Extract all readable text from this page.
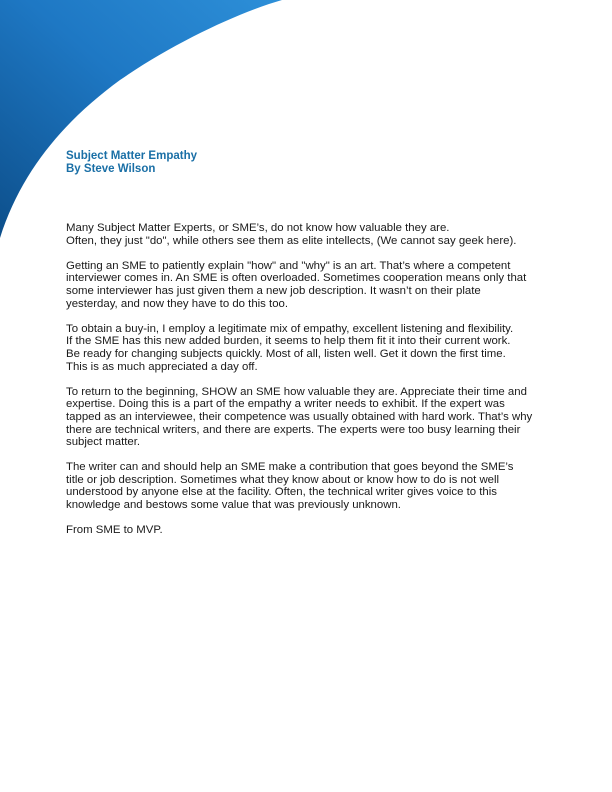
Subject Matter Empathy
By Steve Wilson
Many Subject Matter Experts, or SME’s, do not know how valuable they are.
Often, they just "do", while others see them as elite intellects, (We cannot say geek here).
Getting an SME to patiently explain "how" and "why" is an art. That’s where a competent
interviewer comes in. An SME is often overloaded. Sometimes cooperation means only that
some interviewer has just given them a new job description. It wasn’t on their plate
yesterday, and now they have to do this too.
To obtain a buy-in, I employ a legitimate mix of empathy, excellent listening and flexibility.
If the SME has this new added burden, it seems to help them fit it into their current work.
Be ready for changing subjects quickly. Most of all, listen well. Get it down the first time.
This is as much appreciated a day off.
To return to the beginning, SHOW an SME how valuable they are. Appreciate their time and
expertise. Doing this is a part of the empathy a writer needs to exhibit. If the expert was
tapped as an interviewee, their competence was usually obtained with hard work. That’s why
there are technical writers, and there are experts. The experts were too busy learning their
subject matter.
The writer can and should help an SME make a contribution that goes beyond the SME’s
title or job description. Sometimes what they know about or know how to do is not well
understood by anyone else at the facility. Often, the technical writer gives voice to this
knowledge and bestows some value that was previously unknown.
From SME to MVP.
